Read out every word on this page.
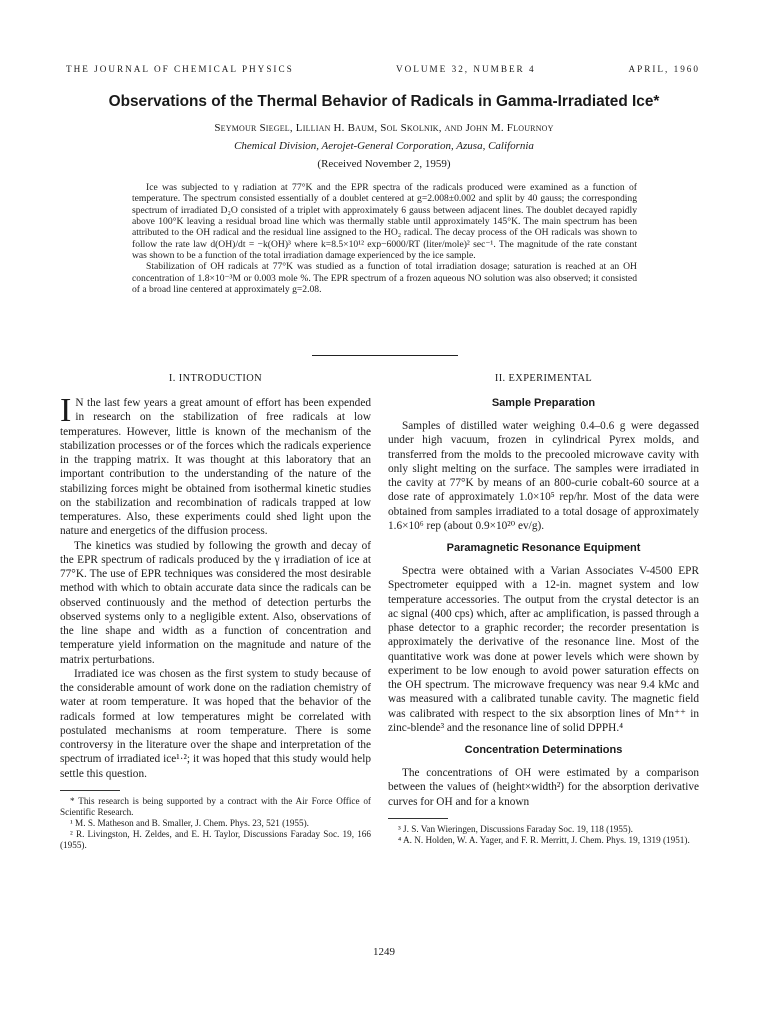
THE JOURNAL OF CHEMICAL PHYSICS	VOLUME 32, NUMBER 4	APRIL, 1960
Observations of the Thermal Behavior of Radicals in Gamma-Irradiated Ice*
Seymour Siegel, Lillian H. Baum, Sol Skolnik, and John M. Flournoy
Chemical Division, Aerojet-General Corporation, Azusa, California
(Received November 2, 1959)

Ice was subjected to γ radiation at 77°K and the EPR spectra of the radicals produced were examined as a function of temperature. The spectrum consisted essentially of a doublet centered at g=2.008±0.002 and split by 40 gauss; the corresponding spectrum of irradiated D₂O consisted of a triplet with approximately 6 gauss between adjacent lines. The doublet decayed rapidly above 100°K leaving a residual broad line which was thermally stable until approximately 145°K. The main spectrum has been attributed to the OH radical and the residual line assigned to the HO₂ radical. The decay process of the OH radicals was shown to follow the rate law d(OH)/dt = −k(OH)³ where k=8.5×10¹² exp−6000/RT (liter/mole)² sec⁻¹. The magnitude of the rate constant was shown to be a function of the total irradiation damage experienced by the ice sample.

Stabilization of OH radicals at 77°K was studied as a function of total irradiation dosage; saturation is reached at an OH concentration of 1.8×10⁻³M or 0.003 mole %. The EPR spectrum of a frozen aqueous NO solution was also observed; it consisted of a broad line centered at approximately g=2.08.

I. INTRODUCTION

I N the last few years a great amount of effort has been expended in research on the stabilization of free radicals at low temperatures. However, little is known of the mechanism of the stabilization processes or of the forces which the radicals experience in the trapping matrix. It was thought at this laboratory that an important contribution to the understanding of the nature of the stabilizing forces might be obtained from isothermal kinetic studies on the stabilization and recombination of radicals trapped at low temperatures. Also, these experiments could shed light upon the nature and energetics of the diffusion process.

The kinetics was studied by following the growth and decay of the EPR spectrum of radicals produced by the γ irradiation of ice at 77°K. The use of EPR techniques was considered the most desirable method with which to obtain accurate data since the radicals can be observed continuously and the method of detection perturbs the observed systems only to a negligible extent. Also, observations of the line shape and width as a function of concentration and temperature yield information on the magnitude and nature of the matrix perturbations.

Irradiated ice was chosen as the first system to study because of the considerable amount of work done on the radiation chemistry of water at room temperature. It was hoped that the behavior of the radicals formed at low temperatures might be correlated with postulated mechanisms at room temperature. There is some controversy in the literature over the shape and interpretation of the spectrum of irradiated ice¹·²; it was hoped that this study would help settle this question.

* This research is being supported by a contract with the Air Force Office of Scientific Research.

¹ M. S. Matheson and B. Smaller, J. Chem. Phys. 23, 521 (1955).

² R. Livingston, H. Zeldes, and E. H. Taylor, Discussions Faraday Soc. 19, 166 (1955).

II. EXPERIMENTAL
Sample Preparation

Samples of distilled water weighing 0.4–0.6 g were degassed under high vacuum, frozen in cylindrical Pyrex molds, and transferred from the molds to the precooled microwave cavity with only slight melting on the surface. The samples were irradiated in the cavity at 77°K by means of an 800-curie cobalt-60 source at a dose rate of approximately 1.0×10⁵ rep/hr. Most of the data were obtained from samples irradiated to a total dosage of approximately 1.6×10⁶ rep (about 0.9×10²⁰ ev/g).

Paramagnetic Resonance Equipment

Spectra were obtained with a Varian Associates V-4500 EPR Spectrometer equipped with a 12-in. magnet system and low temperature accessories. The output from the crystal detector is an ac signal (400 cps) which, after ac amplification, is passed through a phase detector to a graphic recorder; the recorder presentation is approximately the derivative of the resonance line. Most of the quantitative work was done at power levels which were shown by experiment to be low enough to avoid power saturation effects on the OH spectrum. The microwave frequency was near 9.4 kMc and was measured with a calibrated tunable cavity. The magnetic field was calibrated with respect to the six absorption lines of Mn⁺⁺ in zinc-blende³ and the resonance line of solid DPPH.⁴

Concentration Determinations

The concentrations of OH were estimated by a comparison between the values of (height×width²) for the absorption derivative curves for OH and for a known

³ J. S. Van Wieringen, Discussions Faraday Soc. 19, 118 (1955).

⁴ A. N. Holden, W. A. Yager, and F. R. Merritt, J. Chem. Phys. 19, 1319 (1951).

1249
